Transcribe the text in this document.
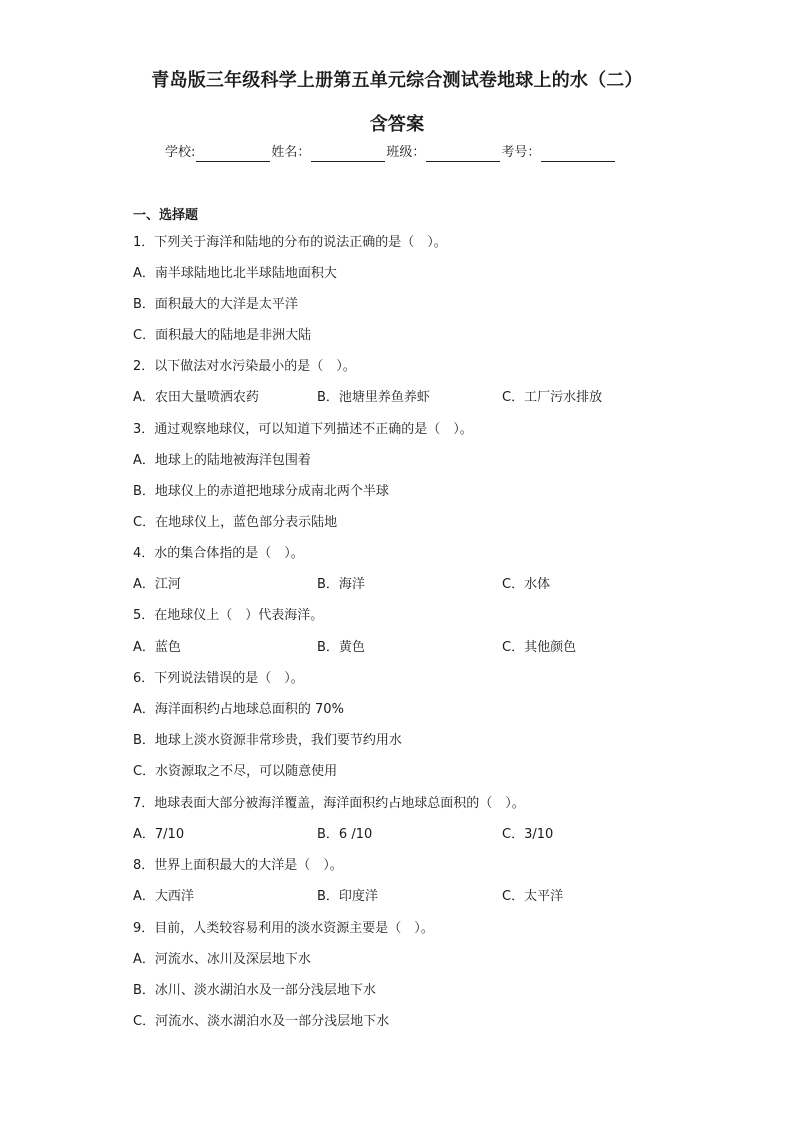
青岛版三年级科学上册第五单元综合测试卷地球上的水（二）
含答案
学校:	姓名：	班级：	考号：
一、选择题
1．下列关于海洋和陆地的分布的说法正确的是（　）。
A．南半球陆地比北半球陆地面积大
B．面积最大的大洋是太平洋
C．面积最大的陆地是非洲大陆
2．以下做法对水污染最小的是（　）。
A．农田大量喷洒农药	B．池塘里养鱼养虾	C．工厂污水排放
3．通过观察地球仪，可以知道下列描述不正确的是（　）。
A．地球上的陆地被海洋包围着
B．地球仪上的赤道把地球分成南北两个半球
C．在地球仪上，蓝色部分表示陆地
4．水的集合体指的是（　）。
A．江河	B．海洋	C．水体
5．在地球仪上（　）代表海洋。
A．蓝色	B．黄色	C．其他颜色
6．下列说法错误的是（　）。
A．海洋面积约占地球总面积的 70%
B．地球上淡水资源非常珍贵，我们要节约用水
C．水资源取之不尽，可以随意使用
7．地球表面大部分被海洋覆盖，海洋面积约占地球总面积的（　）。
A．7/10	B．6 /10	C．3/10
8．世界上面积最大的大洋是（　）。
A．大西洋	B．印度洋	C．太平洋
9．目前，人类较容易利用的淡水资源主要是（　）。
A．河流水、冰川及深层地下水
B．冰川、淡水湖泊水及一部分浅层地下水
C．河流水、淡水湖泊水及一部分浅层地下水
